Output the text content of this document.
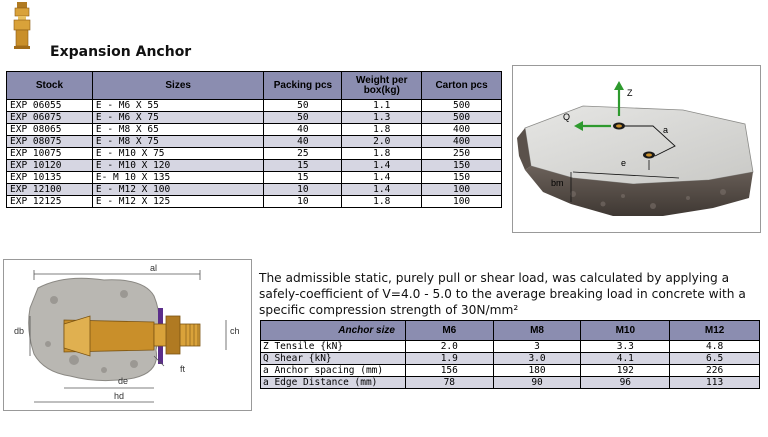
Expansion Anchor
Stock	Sizes	Packing pcs	Weight per box(kg)	Carton pcs
EXP 06055	E - M6 X 55	50	1.1	500
EXP 06075	E - M6 X 75	50	1.3	500
EXP 08065	E - M8 X 65	40	1.8	400
EXP 08075	E - M8 X 75	40	2.0	400
EXP 10075	E - M10 X 75	25	1.8	250
EXP 10120	E - M10 X 120	15	1.4	150
EXP 10135	E- M 10 X 135	15	1.4	150
EXP 12100	E - M12 X 100	10	1.4	100
EXP 12125	E - M12 X 125	10	1.8	100
Z
Q
a
e
bm
al
db	ch
ft
de
hd
The admissible static, purely pull or shear load, was calculated by applying a safely-coefficient of V=4.0 - 5.0 to the average breaking load in concrete with a specific compression strength of 30N/mm²
Anchor size	M6	M8	M10	M12
Z Tensile {kN}	2.0	3	3.3	4.8
Q Shear {kN}	1.9	3.0	4.1	6.5
a Anchor spacing (mm)	156	180	192	226
a Edge Distance (mm)	78	90	96	113
